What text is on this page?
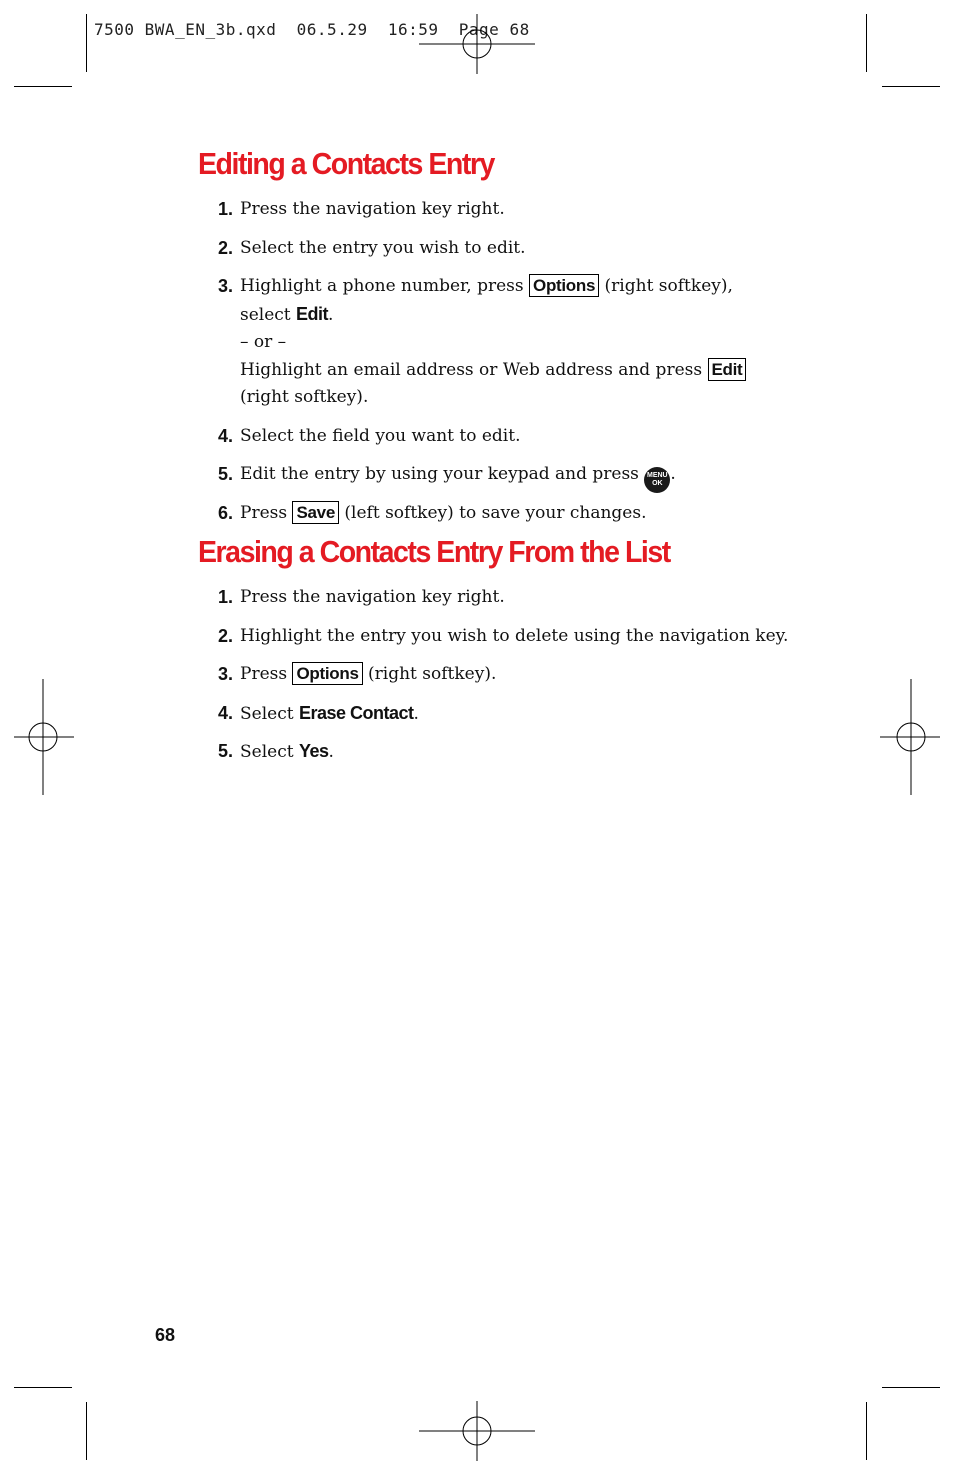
7500 BWA_EN_3b.qxd  06.5.29  16:59  Page 68
Editing a Contacts Entry
1. Press the navigation key right.
2. Select the entry you wish to edit.
3. Highlight a phone number, press Options (right softkey),
select Edit.
– or –
Highlight an email address or Web address and press Edit
(right softkey).
4. Select the field you want to edit.
5. Edit the entry by using your keypad and press MENU
OK .
6. Press Save (left softkey) to save your changes.
Erasing a Contacts Entry From the List
1. Press the navigation key right.
2. Highlight the entry you wish to delete using the navigation key.
3. Press Options (right softkey).
4. Select Erase Contact.
5. Select Yes.
68
